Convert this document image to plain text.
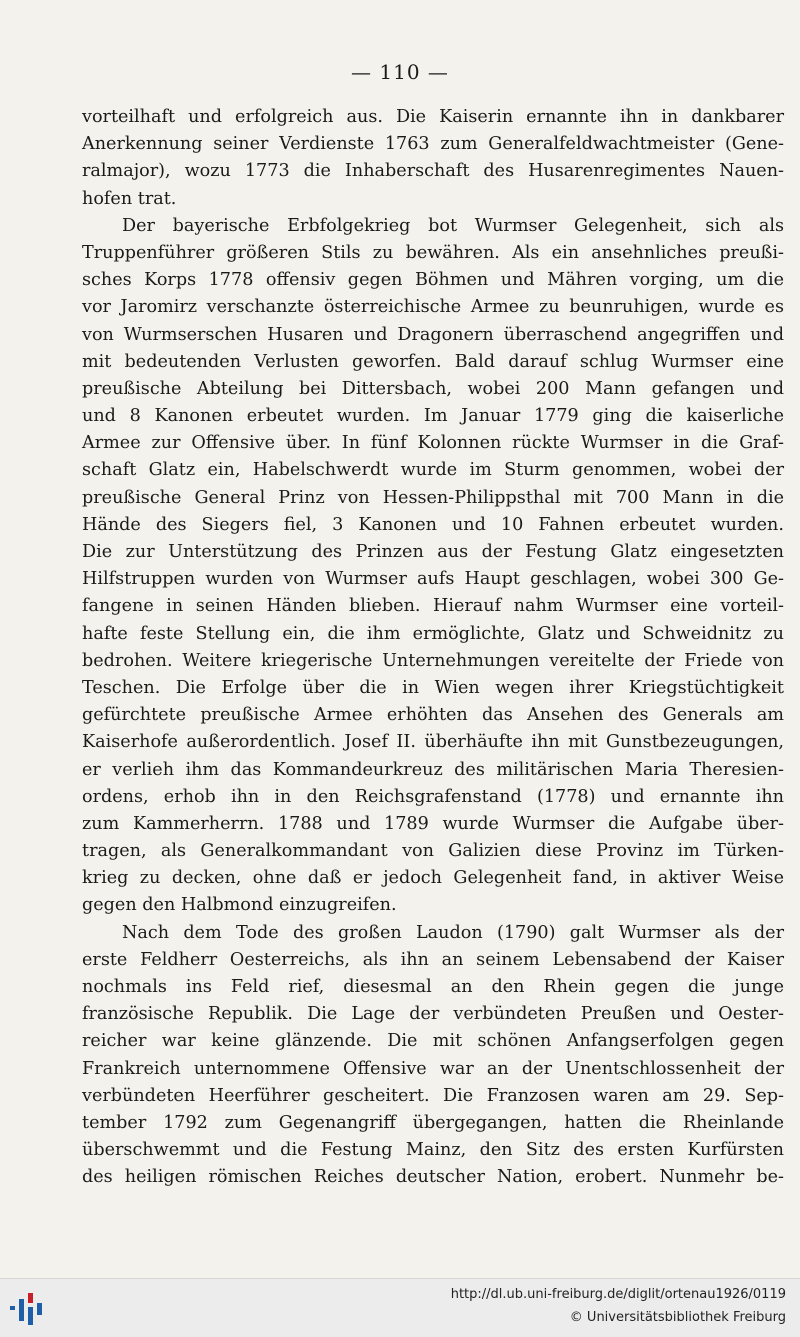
— 110 —
vorteilhaft und erfolgreich aus. Die Kaiserin ernannte ihn in dankbarer
Anerkennung seiner Verdienste 1763 zum Generalfeldwachtmeister (Gene-
ralmajor), wozu 1773 die Inhaberschaft des Husarenregimentes Nauen-
hofen trat.
Der bayerische Erbfolgekrieg bot Wurmser Gelegenheit, sich als
Truppenführer größeren Stils zu bewähren. Als ein ansehnliches preußi-
sches Korps 1778 offensiv gegen Böhmen und Mähren vorging, um die
vor Jaromirz verschanzte österreichische Armee zu beunruhigen, wurde es
von Wurmserschen Husaren und Dragonern überraschend angegriffen und
mit bedeutenden Verlusten geworfen. Bald darauf schlug Wurmser eine
preußische Abteilung bei Dittersbach, wobei 200 Mann gefangen und
und 8 Kanonen erbeutet wurden. Im Januar 1779 ging die kaiserliche
Armee zur Offensive über. In fünf Kolonnen rückte Wurmser in die Graf-
schaft Glatz ein, Habelschwerdt wurde im Sturm genommen, wobei der
preußische General Prinz von Hessen-Philippsthal mit 700 Mann in die
Hände des Siegers fiel, 3 Kanonen und 10 Fahnen erbeutet wurden.
Die zur Unterstützung des Prinzen aus der Festung Glatz eingesetzten
Hilfstruppen wurden von Wurmser aufs Haupt geschlagen, wobei 300 Ge-
fangene in seinen Händen blieben. Hierauf nahm Wurmser eine vorteil-
hafte feste Stellung ein, die ihm ermöglichte, Glatz und Schweidnitz zu
bedrohen. Weitere kriegerische Unternehmungen vereitelte der Friede von
Teschen. Die Erfolge über die in Wien wegen ihrer Kriegstüchtigkeit
gefürchtete preußische Armee erhöhten das Ansehen des Generals am
Kaiserhofe außerordentlich. Josef II. überhäufte ihn mit Gunstbezeugungen,
er verlieh ihm das Kommandeurkreuz des militärischen Maria Theresien-
ordens, erhob ihn in den Reichsgrafenstand (1778) und ernannte ihn
zum Kammerherrn. 1788 und 1789 wurde Wurmser die Aufgabe über-
tragen, als Generalkommandant von Galizien diese Provinz im Türken-
krieg zu decken, ohne daß er jedoch Gelegenheit fand, in aktiver Weise
gegen den Halbmond einzugreifen.
Nach dem Tode des großen Laudon (1790) galt Wurmser als der
erste Feldherr Oesterreichs, als ihn an seinem Lebensabend der Kaiser
nochmals ins Feld rief, diesesmal an den Rhein gegen die junge
französische Republik. Die Lage der verbündeten Preußen und Oester-
reicher war keine glänzende. Die mit schönen Anfangserfolgen gegen
Frankreich unternommene Offensive war an der Unentschlossenheit der
verbündeten Heerführer gescheitert. Die Franzosen waren am 29. Sep-
tember 1792 zum Gegenangriff übergegangen, hatten die Rheinlande
überschwemmt und die Festung Mainz, den Sitz des ersten Kurfürsten
des heiligen römischen Reiches deutscher Nation, erobert. Nunmehr be-
http://dl.ub.uni-freiburg.de/diglit/ortenau1926/0119
© Universitätsbibliothek Freiburg
